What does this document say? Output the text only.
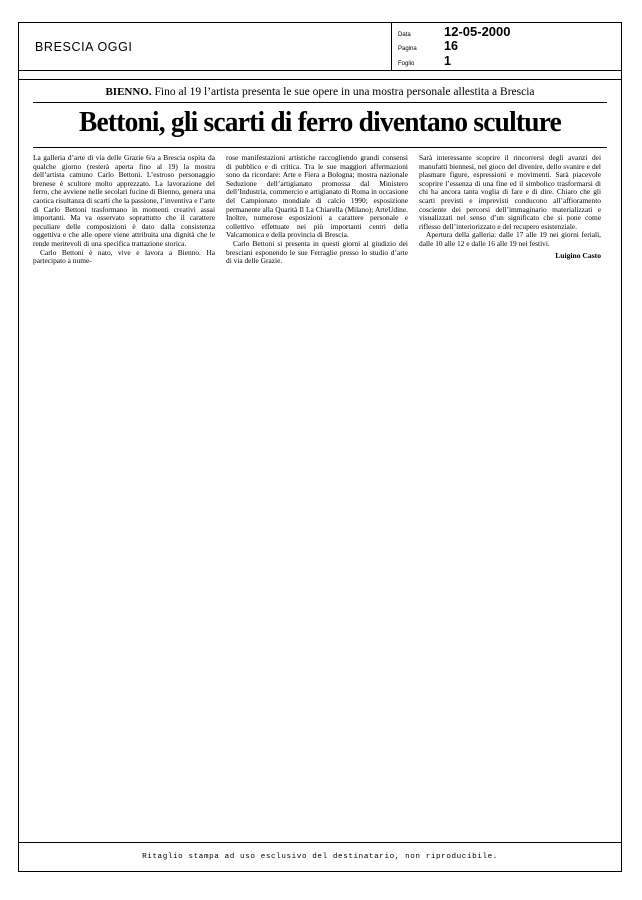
BRESCIA OGGI
Data	12-05-2000
Pagina	16
Foglio	1
BIENNO. Fino al 19 l’artista presenta le sue opere in una mostra personale allestita a Brescia
Bettoni, gli scarti di ferro diventano sculture

La galleria d’arte di via delle Grazie 6/a a Brescia ospita da qualche giorno (resterà aperta fino al 19) la mostra dell’artista camuno Carlo Bettoni. L’estroso personaggio brenese è scultore molto apprezzato. La lavorazione del ferro, che avviene nelle secolari fucine di Bienno, genera una caotica risultanza di scarti che la passione, l’inventiva e l’arte di Carlo Bettoni trasformano in momenti creativi assai importanti. Ma va osservato soprattutto che il carattere peculiare delle composizioni è dato dalla consistenza oggettiva e che alle opere viene attribuita una dignità che le rende meritevoli di una specifica trattazione storica.

Carlo Bettoni è nato, vive e lavora a Bienno. Ha partecipato a nume-

rose manifestazioni artistiche raccogliendo grandi consensi di pubblico e di critica. Tra le sue maggiori affermazioni sono da ricordare: Arte e Fiera a Bologna; mostra nazionale Seduzione dell’artigianato promossa dal Ministero dell’Industria, commercio e artigianato di Roma in occasione del Campionato mondiale di calcio 1990; esposizione permanente alla Quarità Il La Chiarella (Milano); ArteUdine. Inoltre, numerose esposizioni a carattere personale e collettivo effettuate nei più importanti centri della Valcamonica e della provincia di Brescia.

Carlo Bettoni si presenta in questi giorni al giudizio dei bresciani esponendo le sue Ferraglie presso lo studio d’arte di via delle Grazie.

Sarà interessante scoprire il rincorrersi degli avanzi dei manufatti biennesi, nel gioco del divenire, dello svanire e del plasmare figure, espressioni e movimenti. Sarà piacevole scoprire l’essenza di una fine ed il simbolico trasformarsi di chi ha ancora tanta voglia di fare e di dire. Chiaro che gli scarti previsti e imprevisti conducono all’affioramento cosciente dei percorsi dell’immaginario materializzati e visualizzati nel senso d’un significato che si pone come riflesso dell’interiorizzato e del recupero esistenziale.

Apertura della galleria: dalle 17 alle 19 nei giorni feriali, dalle 10 alle 12 e dalle 16 alle 19 nei festivi.

Luigino Casto
Ritaglio stampa ad uso esclusivo del destinatario, non riproducibile.
